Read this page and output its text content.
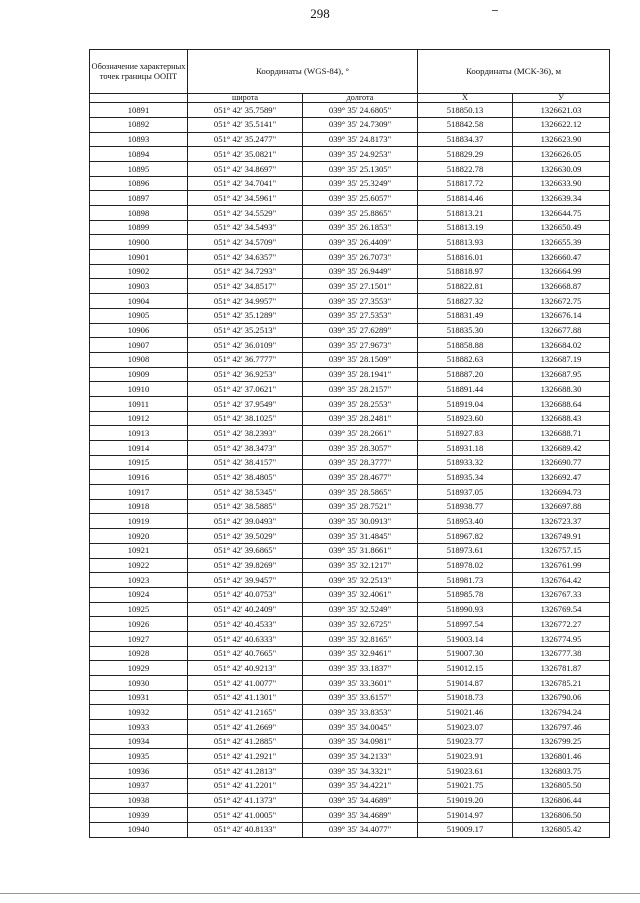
298
Обозначение характерных точек границы ООПТ	Координаты (WGS-84), °		Координаты (МСК-36), м	
	широта	долгота	X	У
10891	051° 42' 35.7589"	039° 35' 24.6805"	518850.13	1326621.03
10892	051° 42' 35.5141"	039° 35' 24.7309"	518842.58	1326622.12
10893	051° 42' 35.2477"	039° 35' 24.8173"	518834.37	1326623.90
10894	051° 42' 35.0821"	039° 35' 24.9253"	518829.29	1326626.05
10895	051° 42' 34.8697"	039° 35' 25.1305"	518822.78	1326630.09
10896	051° 42' 34.7041"	039° 35' 25.3249"	518817.72	1326633.90
10897	051° 42' 34.5961"	039° 35' 25.6057"	518814.46	1326639.34
10898	051° 42' 34.5529"	039° 35' 25.8865"	518813.21	1326644.75
10899	051° 42' 34.5493"	039° 35' 26.1853"	518813.19	1326650.49
10900	051° 42' 34.5709"	039° 35' 26.4409"	518813.93	1326655.39
10901	051° 42' 34.6357"	039° 35' 26.7073"	518816.01	1326660.47
10902	051° 42' 34.7293"	039° 35' 26.9449"	518818.97	1326664.99
10903	051° 42' 34.8517"	039° 35' 27.1501"	518822.81	1326668.87
10904	051° 42' 34.9957"	039° 35' 27.3553"	518827.32	1326672.75
10905	051° 42' 35.1289"	039° 35' 27.5353"	518831.49	1326676.14
10906	051° 42' 35.2513"	039° 35' 27.6289"	518835.30	1326677.88
10907	051° 42' 36.0109"	039° 35' 27.9673"	518858.88	1326684.02
10908	051° 42' 36.7777"	039° 35' 28.1509"	518882.63	1326687.19
10909	051° 42' 36.9253"	039° 35' 28.1941"	518887.20	1326687.95
10910	051° 42' 37.0621"	039° 35' 28.2157"	518891.44	1326688.30
10911	051° 42' 37.9549"	039° 35' 28.2553"	518919.04	1326688.64
10912	051° 42' 38.1025"	039° 35' 28.2481"	518923.60	1326688.43
10913	051° 42' 38.2393"	039° 35' 28.2661"	518927.83	1326688.71
10914	051° 42' 38.3473"	039° 35' 28.3057"	518931.18	1326689.42
10915	051° 42' 38.4157"	039° 35' 28.3777"	518933.32	1326690.77
10916	051° 42' 38.4805"	039° 35' 28.4677"	518935.34	1326692.47
10917	051° 42' 38.5345"	039° 35' 28.5865"	518937.05	1326694.73
10918	051° 42' 38.5885"	039° 35' 28.7521"	518938.77	1326697.88
10919	051° 42' 39.0493"	039° 35' 30.0913"	518953.40	1326723.37
10920	051° 42' 39.5029"	039° 35' 31.4845"	518967.82	1326749.91
10921	051° 42' 39.6865"	039° 35' 31.8661"	518973.61	1326757.15
10922	051° 42' 39.8269"	039° 35' 32.1217"	518978.02	1326761.99
10923	051° 42' 39.9457"	039° 35' 32.2513"	518981.73	1326764.42
10924	051° 42' 40.0753"	039° 35' 32.4061"	518985.78	1326767.33
10925	051° 42' 40.2409"	039° 35' 32.5249"	518990.93	1326769.54
10926	051° 42' 40.4533"	039° 35' 32.6725"	518997.54	1326772.27
10927	051° 42' 40.6333"	039° 35' 32.8165"	519003.14	1326774.95
10928	051° 42' 40.7665"	039° 35' 32.9461"	519007.30	1326777.38
10929	051° 42' 40.9213"	039° 35' 33.1837"	519012.15	1326781.87
10930	051° 42' 41.0077"	039° 35' 33.3601"	519014.87	1326785.21
10931	051° 42' 41.1301"	039° 35' 33.6157"	519018.73	1326790.06
10932	051° 42' 41.2165"	039° 35' 33.8353"	519021.46	1326794.24
10933	051° 42' 41.2669"	039° 35' 34.0045"	519023.07	1326797.46
10934	051° 42' 41.2885"	039° 35' 34.0981"	519023.77	1326799.25
10935	051° 42' 41.2921"	039° 35' 34.2133"	519023.91	1326801.46
10936	051° 42' 41.2813"	039° 35' 34.3321"	519023.61	1326803.75
10937	051° 42' 41.2201"	039° 35' 34.4221"	519021.75	1326805.50
10938	051° 42' 41.1373"	039° 35' 34.4689"	519019.20	1326806.44
10939	051° 42' 41.0005"	039° 35' 34.4689"	519014.97	1326806.50
10940	051° 42' 40.8133"	039° 35' 34.4077"	519009.17	1326805.42
